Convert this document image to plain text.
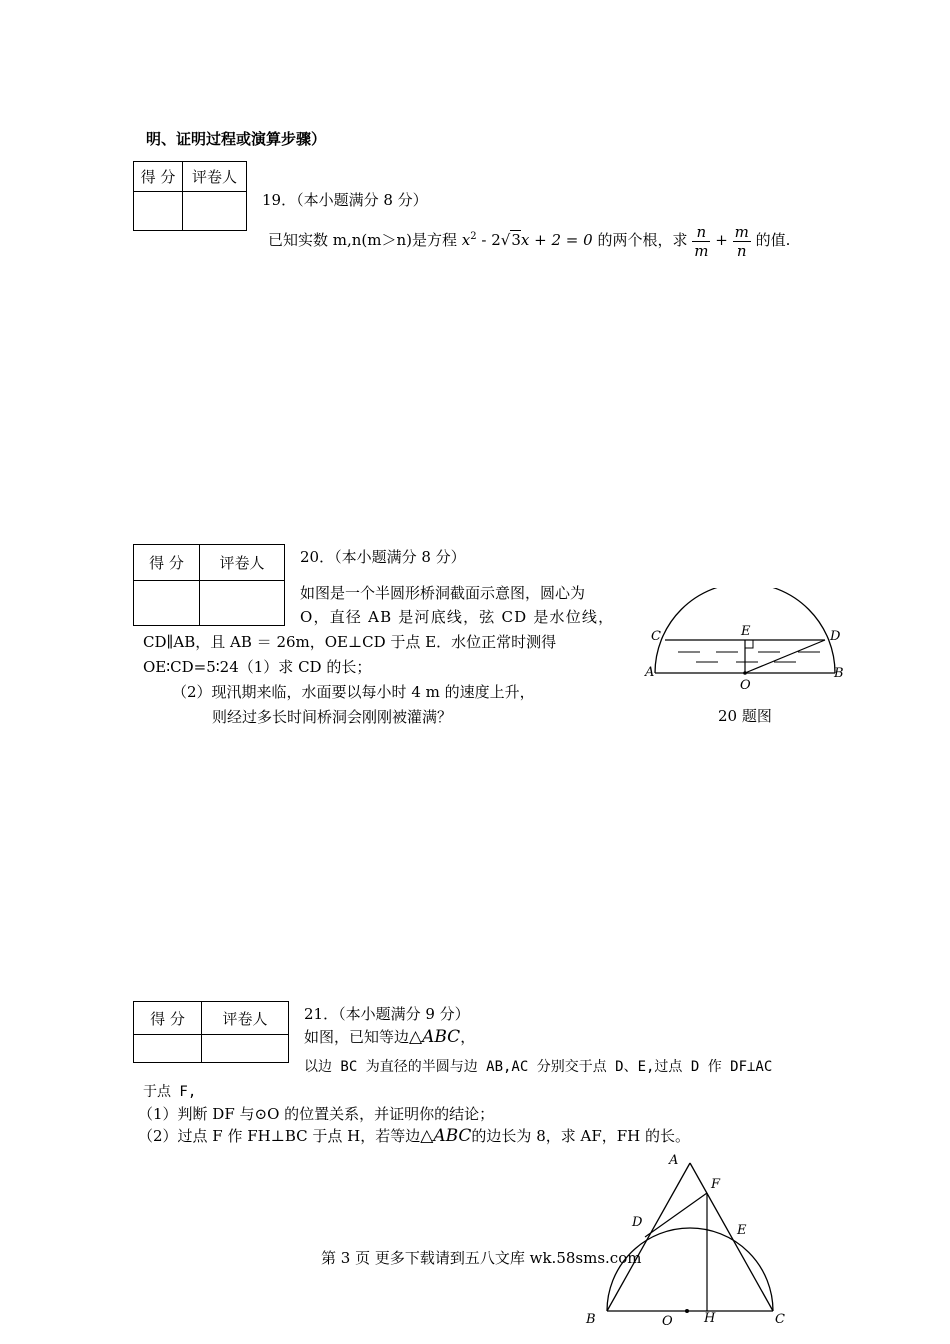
明、证明过程或演算步骤）
得 分	评卷人

19．（本小题满分 8 分）
已知实数 m,n(m＞n)是方程 $x^2 - 2√3x + 2 = 0$ 的两个根，求 $\frac{n}{m} + \frac{m}{n}$ 的值.
得 分	评卷人
	20．（本小题满分 8 分）
如图是一个半圆形桥洞截面示意图，圆心为
O，直径 AB 是河底线，弦 CD 是水位线，
CD∥AB，且 AB ＝ 26m，OE⊥CD 于点 E．水位正常时测得
OE∶CD=5∶24（1）求 CD 的长；
（2）现汛期来临，水面要以每小时 4 m 的速度上升，
则经过多长时间桥洞会刚刚被灌满？
C	D
E
A	B
O
20 题图
得 分	评卷人
	21．（本小题满分 9 分）
如图，已知等边△ABC，
以边 BC 为直径的半圆与边 AB,AC 分别交于点 D、E,过点 D 作 DF⊥AC
于点 F,
（1）判断 DF 与⊙O 的位置关系，并证明你的结论；
（2）过点 F 作 FH⊥BC 于点 H，若等边△ABC的边长为 8，求 AF，FH 的长。
第 3 页 更多下载请到五八文库 wk.58sms.com
A
F
D
E
B	O H	C
